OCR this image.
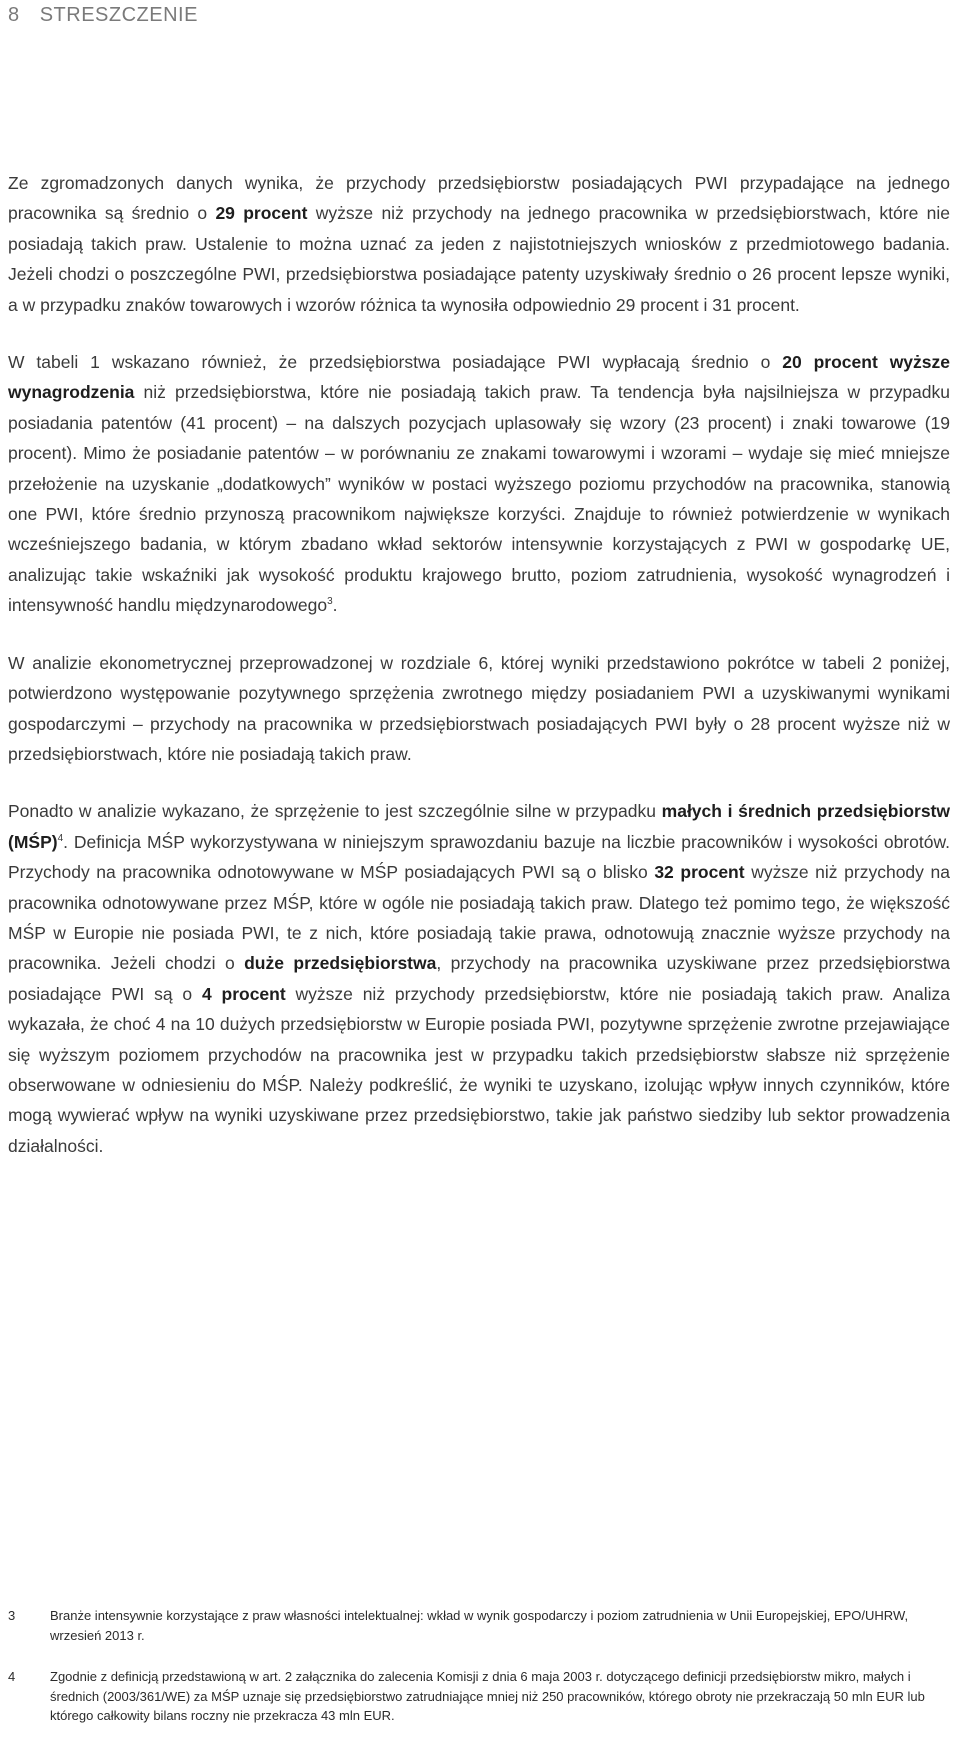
8 STRESZCZENIE

Ze zgromadzonych danych wynika, że przychody przedsiębiorstw posiadających PWI przypadające na jednego pracownika są średnio o 29 procent wyższe niż przychody na jednego pracownika w przedsiębiorstwach, które nie posiadają takich praw. Ustalenie to można uznać za jeden z najistotniejszych wniosków z przedmiotowego badania. Jeżeli chodzi o poszczególne PWI, przedsiębiorstwa posiadające patenty uzyskiwały średnio o 26 procent lepsze wyniki, a w przypadku znaków towarowych i wzorów różnica ta wynosiła odpowiednio 29 procent i 31 procent.

W tabeli 1 wskazano również, że przedsiębiorstwa posiadające PWI wypłacają średnio o 20 procent wyższe wynagrodzenia niż przedsiębiorstwa, które nie posiadają takich praw. Ta tendencja była najsilniejsza w przypadku posiadania patentów (41 procent) – na dalszych pozycjach uplasowały się wzory (23 procent) i znaki towarowe (19 procent). Mimo że posiadanie patentów – w porównaniu ze znakami towarowymi i wzorami – wydaje się mieć mniejsze przełożenie na uzyskanie „dodatkowych” wyników w postaci wyższego poziomu przychodów na pracownika, stanowią one PWI, które średnio przynoszą pracownikom największe korzyści. Znajduje to również potwierdzenie w wynikach wcześniejszego badania, w którym zbadano wkład sektorów intensywnie korzystających z PWI w gospodarkę UE, analizując takie wskaźniki jak wysokość produktu krajowego brutto, poziom zatrudnienia, wysokość wynagrodzeń i intensywność handlu międzynarodowego$^3$.

W analizie ekonometrycznej przeprowadzonej w rozdziale 6, której wyniki przedstawiono pokrótce w tabeli 2 poniżej, potwierdzono występowanie pozytywnego sprzężenia zwrotnego między posiadaniem PWI a uzyskiwanymi wynikami gospodarczymi – przychody na pracownika w przedsiębiorstwach posiadających PWI były o 28 procent wyższe niż w przedsiębiorstwach, które nie posiadają takich praw.

Ponadto w analizie wykazano, że sprzężenie to jest szczególnie silne w przypadku małych i średnich przedsiębiorstw (MŚP)$^4$. Definicja MŚP wykorzystywana w niniejszym sprawozdaniu bazuje na liczbie pracowników i wysokości obrotów. Przychody na pracownika odnotowywane w MŚP posiadających PWI są o blisko 32 procent wyższe niż przychody na pracownika odnotowywane przez MŚP, które w ogóle nie posiadają takich praw. Dlatego też pomimo tego, że większość MŚP w Europie nie posiada PWI, te z nich, które posiadają takie prawa, odnotowują znacznie wyższe przychody na pracownika. Jeżeli chodzi o duże przedsiębiorstwa, przychody na pracownika uzyskiwane przez przedsiębiorstwa posiadające PWI są o 4 procent wyższe niż przychody przedsiębiorstw, które nie posiadają takich praw. Analiza wykazała, że choć 4 na 10 dużych przedsiębiorstw w Europie posiada PWI, pozytywne sprzężenie zwrotne przejawiające się wyższym poziomem przychodów na pracownika jest w przypadku takich przedsiębiorstw słabsze niż sprzężenie obserwowane w odniesieniu do MŚP. Należy podkreślić, że wyniki te uzyskano, izolując wpływ innych czynników, które mogą wywierać wpływ na wyniki uzyskiwane przez przedsiębiorstwo, takie jak państwo siedziby lub sektor prowadzenia działalności.

3	Branże intensywnie korzystające z praw własności intelektualnej: wkład w wynik gospodarczy i poziom zatrudnienia w Unii Europejskiej, EPO/UHRW, wrzesień 2013 r.
4	Zgodnie z definicją przedstawioną w art. 2 załącznika do zalecenia Komisji z dnia 6 maja 2003 r. dotyczącego definicji przedsiębiorstw mikro, małych i średnich (2003/361/WE) za MŚP uznaje się przedsiębiorstwo zatrudniające mniej niż 250 pracowników, którego obroty nie przekraczają 50 mln EUR lub którego całkowity bilans roczny nie przekracza 43 mln EUR.
